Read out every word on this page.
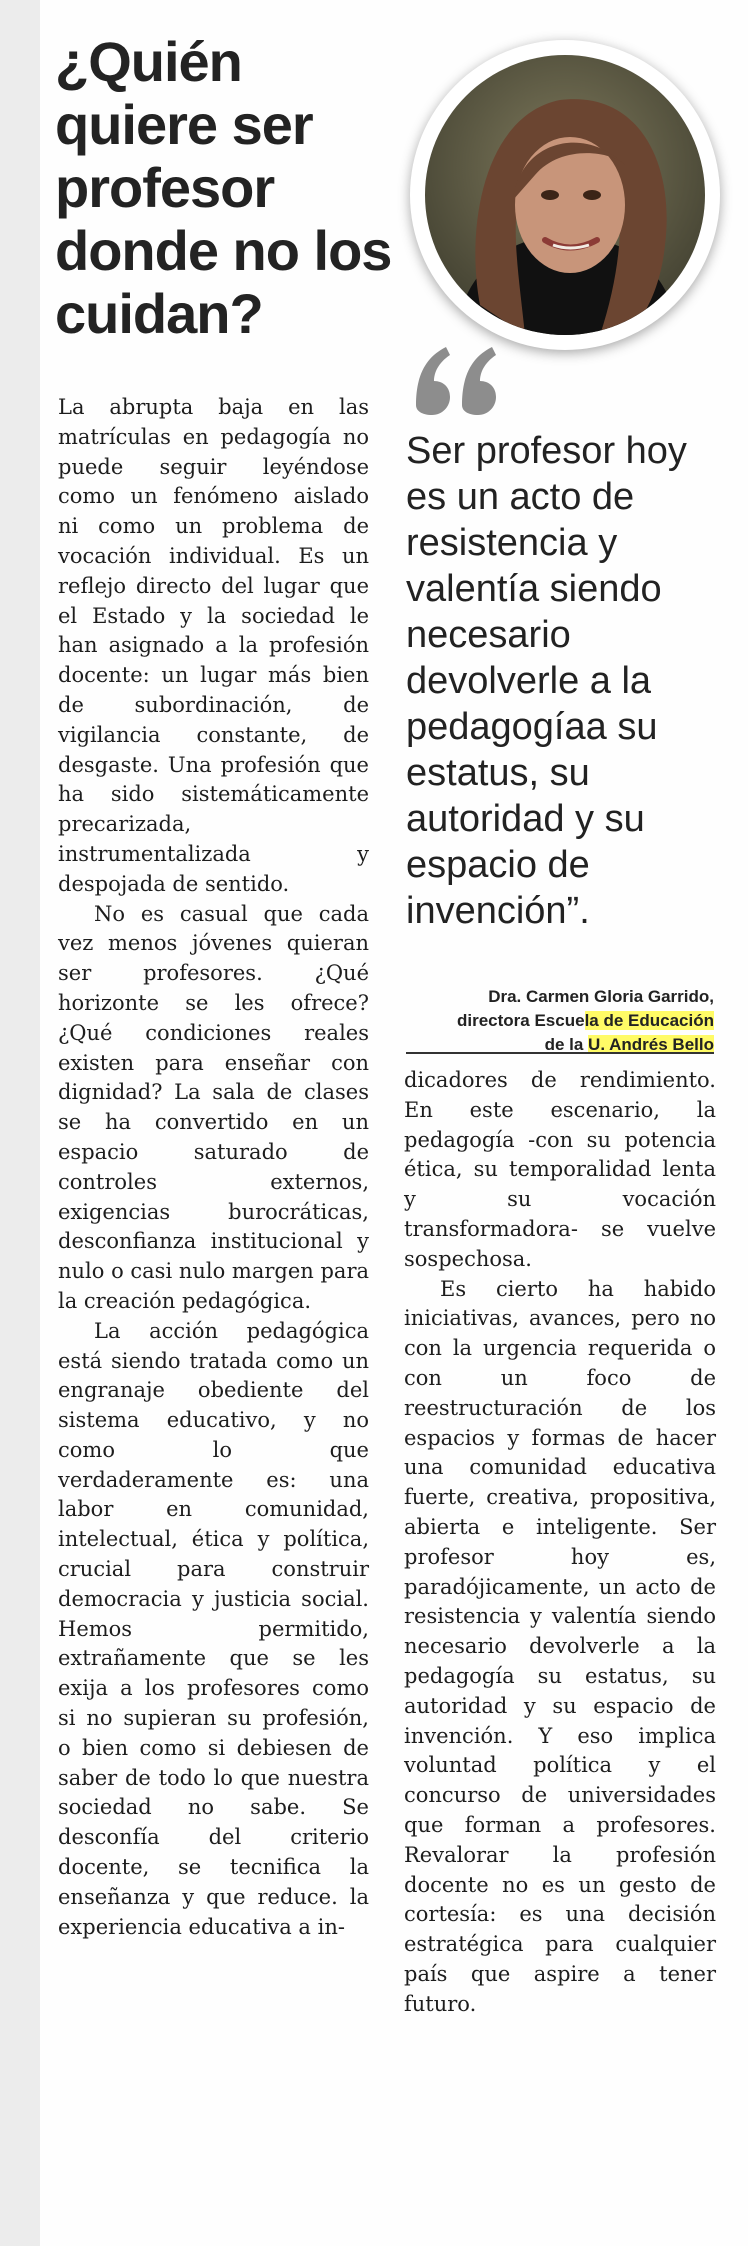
¿Quién quiere ser profesor donde no los cuidan?
Ser profesor hoy
es un acto de
resistencia y
valentía siendo
necesario
devolverle a la
pedagogíaa su
estatus, su
autoridad y su
espacio de
invención”.
Dra. Carmen Gloria Garrido,
directora Escuela de Educación
de la U. Andrés Bello

La abrupta baja en las matrículas en pedagogía no puede seguir leyéndose como un fenómeno aislado ni como un problema de vocación individual. Es un reflejo directo del lugar que el Estado y la sociedad le han asignado a la profesión docente: un lugar más bien de subordinación, de vigilancia constante, de desgaste. Una profesión que ha sido sistemáticamente precarizada, instrumentalizada y despojada de sentido.

No es casual que cada vez menos jóvenes quieran ser profesores. ¿Qué horizonte se les ofrece? ¿Qué condiciones reales existen para enseñar con dignidad? La sala de clases se ha convertido en un espacio saturado de controles externos, exigencias burocráticas, desconfianza institucional y nulo o casi nulo margen para la creación pedagógica.

La acción pedagógica está siendo tratada como un engranaje obediente del sistema educativo, y no como lo que verdaderamente es: una labor en comunidad, intelectual, ética y política, crucial para construir democracia y justicia social. Hemos permitido, extrañamente que se les exija a los profesores como si no supieran su profesión, o bien como si debiesen de saber de todo lo que nuestra sociedad no sabe. Se desconfía del criterio docente, se tecnifica la enseñanza y que reduce. la experiencia educativa a in-

dicadores de rendimiento. En este escenario, la pedagogía -con su potencia ética, su temporalidad lenta y su vocación transformadora- se vuelve sospechosa.

Es cierto ha habido iniciativas, avances, pero no con la urgencia requerida o con un foco de reestructuración de los espacios y formas de hacer una comunidad educativa fuerte, creativa, propositiva, abierta e inteligente. Ser profesor hoy es, paradójicamente, un acto de resistencia y valentía siendo necesario devolverle a la pedagogía su estatus, su autoridad y su espacio de invención. Y eso implica voluntad política y el concurso de universidades que forman a profesores. Revalorar la profesión docente no es un gesto de cortesía: es una decisión estratégica para cualquier país que aspire a tener futuro.
